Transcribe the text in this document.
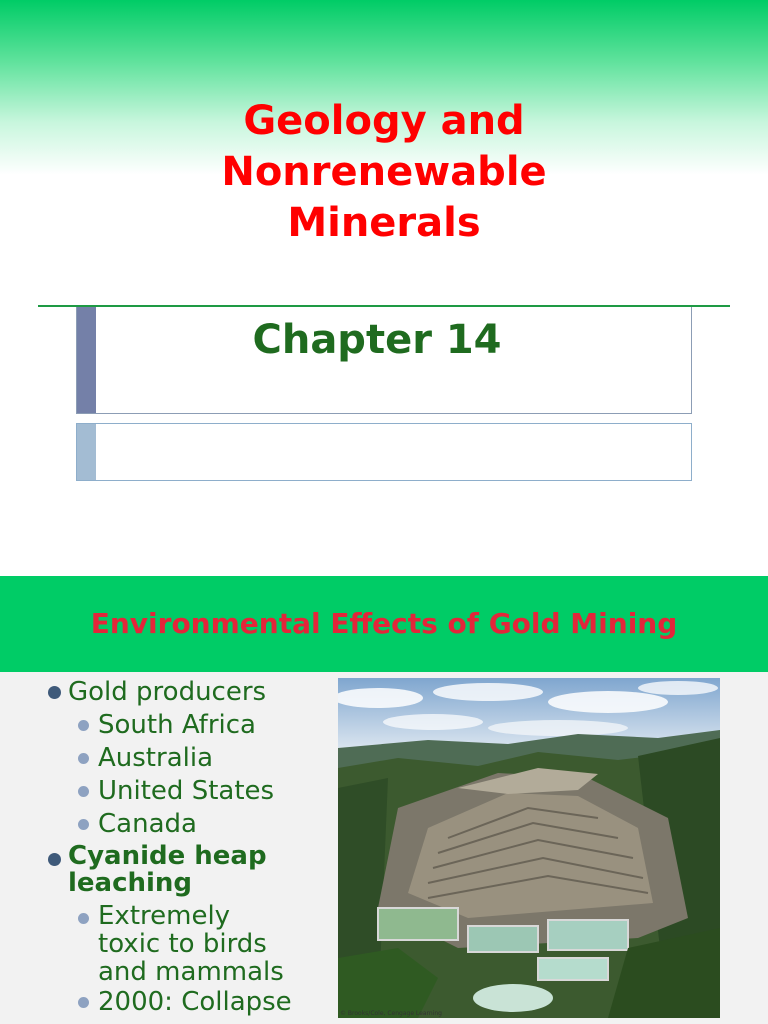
Geology and
Nonrenewable
Minerals
Chapter 14
Environmental Effects of Gold Mining
Gold producers
South Africa
Australia
United States
Canada
Cyanide heap
leaching
Extremely
toxic to birds
and mammals
2000: Collapse	© Brooks/Cole, Cengage Learning
